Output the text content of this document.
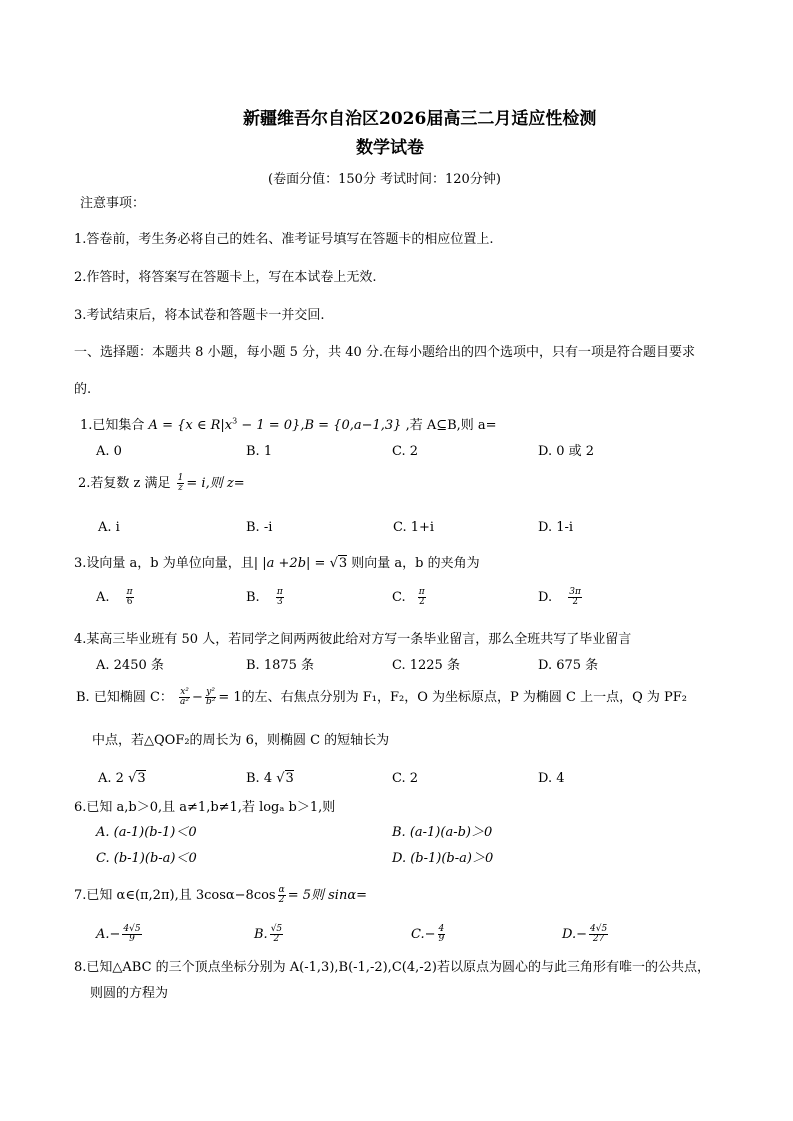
新疆维吾尔自治区2026届高三二月适应性检测
数学试卷
(卷面分值：150分 考试时间：120分钟)
注意事项：
1.答卷前，考生务必将自己的姓名、准考证号填写在答题卡的相应位置上.
2.作答时，将答案写在答题卡上，写在本试卷上无效.
3.考试结束后，将本试卷和答题卡一并交回.
一、选择题：本题共 8 小题，每小题 5 分，共 40 分.在每小题给出的四个选项中，只有一项是符合题目要求
的.
1.已知集合 A = {x ∈ $R|x^3 - 1 = 0\},B = \{0,a-1,3\}$ ,若 A⊆B,则 a=
A. 0	B. 1	C. 2	D. 0 或 2
2.若复数 z 满足 $\frac{1}{z} = i$,则 z=
A. i	B. -i	C. 1+i	D. 1-i
3.设向量 a，b 为单位向量，且| |a +2b| = √3 则向量 a，b 的夹角为
A. $\frac{\pi}{6}$	B. $\frac{\pi}{3}$	C. $\frac{\pi}{2}$	D. $\frac{3\pi}{2}$
4.某高三毕业班有 50 人，若同学之间两两彼此给对方写一条毕业留言，那么全班共写了毕业留言
A. 2450 条	B. 1875 条	C. 1225 条	D. 675 条
B. 已知椭圆 C： $\frac{\text{x²}}{\text{a²}} - \frac{\text{y²}}{\text{b²}} = 1$的左、右焦点分别为 F₁，F₂，O 为坐标原点，P 为椭圆 C 上一点，Q 为 PF₂
中点，若△QOF₂的周长为 6，则椭圆 C 的短轴长为
A. 2 √3	B. 4 √3	C. 2	D. 4
6.已知 a,b＞0,且 a≠1,b≠1,若 logₐ b＞1,则
A. (a-1)(b-1)＜0	B. (a-1)(a-b)＞0
C. (b-1)(b-a)＜0	D. (b-1)(b-a)＞0
7.已知 α∈(π,2π),且 $3\cos\alpha-8\cos \frac{\alpha}{2} = 5$则 sinα=
$A.- \frac{4√5}{9}$	B. $\frac{√5}{2}$	$C.- \frac{4}{9}$	$D.- \frac{4√5}{27}$
8.已知△ABC 的三个顶点坐标分别为 A(-1,3),B(-1,-2),C(4,-2)若以原点为圆心的与此三角形有唯一的公共点，
则圆的方程为
